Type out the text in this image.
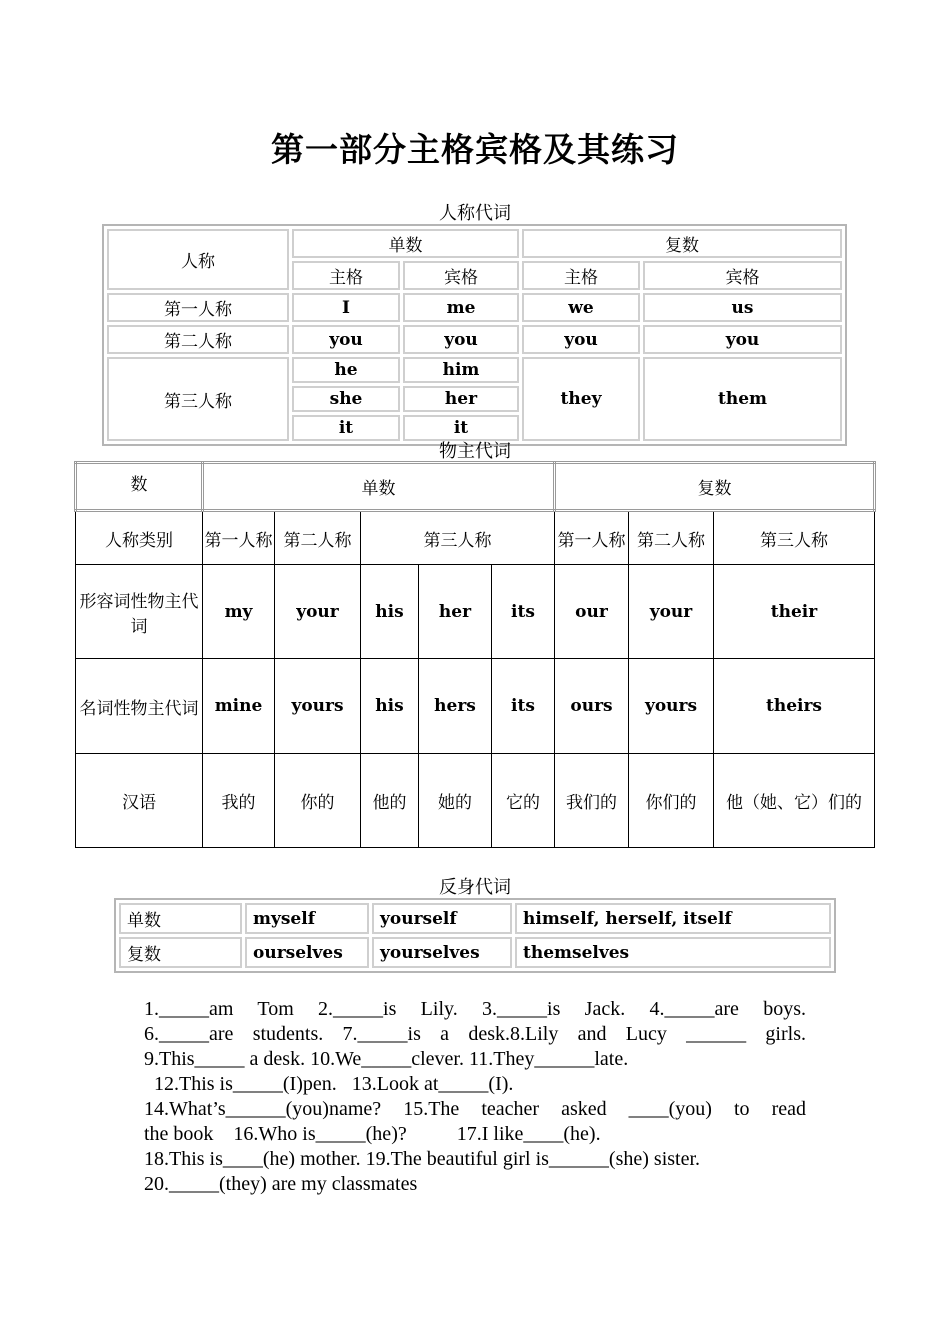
第一部分主格宾格及其练习
人称代词
人称	单数		复数	
	主格	宾格	主格	宾格
第一人称	I	me	we	us
第二人称	you	you	you	you
第三人称	he	him	they	them
	she	her		
	it	it		
物主代词
数	单数					复数		
人称类别	第一人称	第二人称	第三人称			第一人称	第二人称	第三人称
形容词性物主代词	my	your	his	her	its	our	your	their
名词性物主代词	mine	yours	his	hers	its	ours	yours	theirs
汉语	我的	你的	他的	她的	它的	我们的	你们的	他（她、它）们的
反身代词
单数	myself	yourself	himself, herself, itself
复数	ourselves	yourselves	themselves

1._____am Tom 2._____is Lily. 3._____is Jack. 4._____are boys.

6._____are students. 7._____is a desk.8.Lily and Lucy ______ girls.

9.This_____ a desk. 10.We_____clever. 11.They______late.

12.This is_____(I)pen.   13.Look at_____(I).

14.What’s______(you)name? 15.The teacher asked ____(you) to read

the book    16.Who is_____(he)?          17.I like____(he).

18.This is____(he) mother. 19.The beautiful girl is______(she) sister.

20._____(they) are my classmates
